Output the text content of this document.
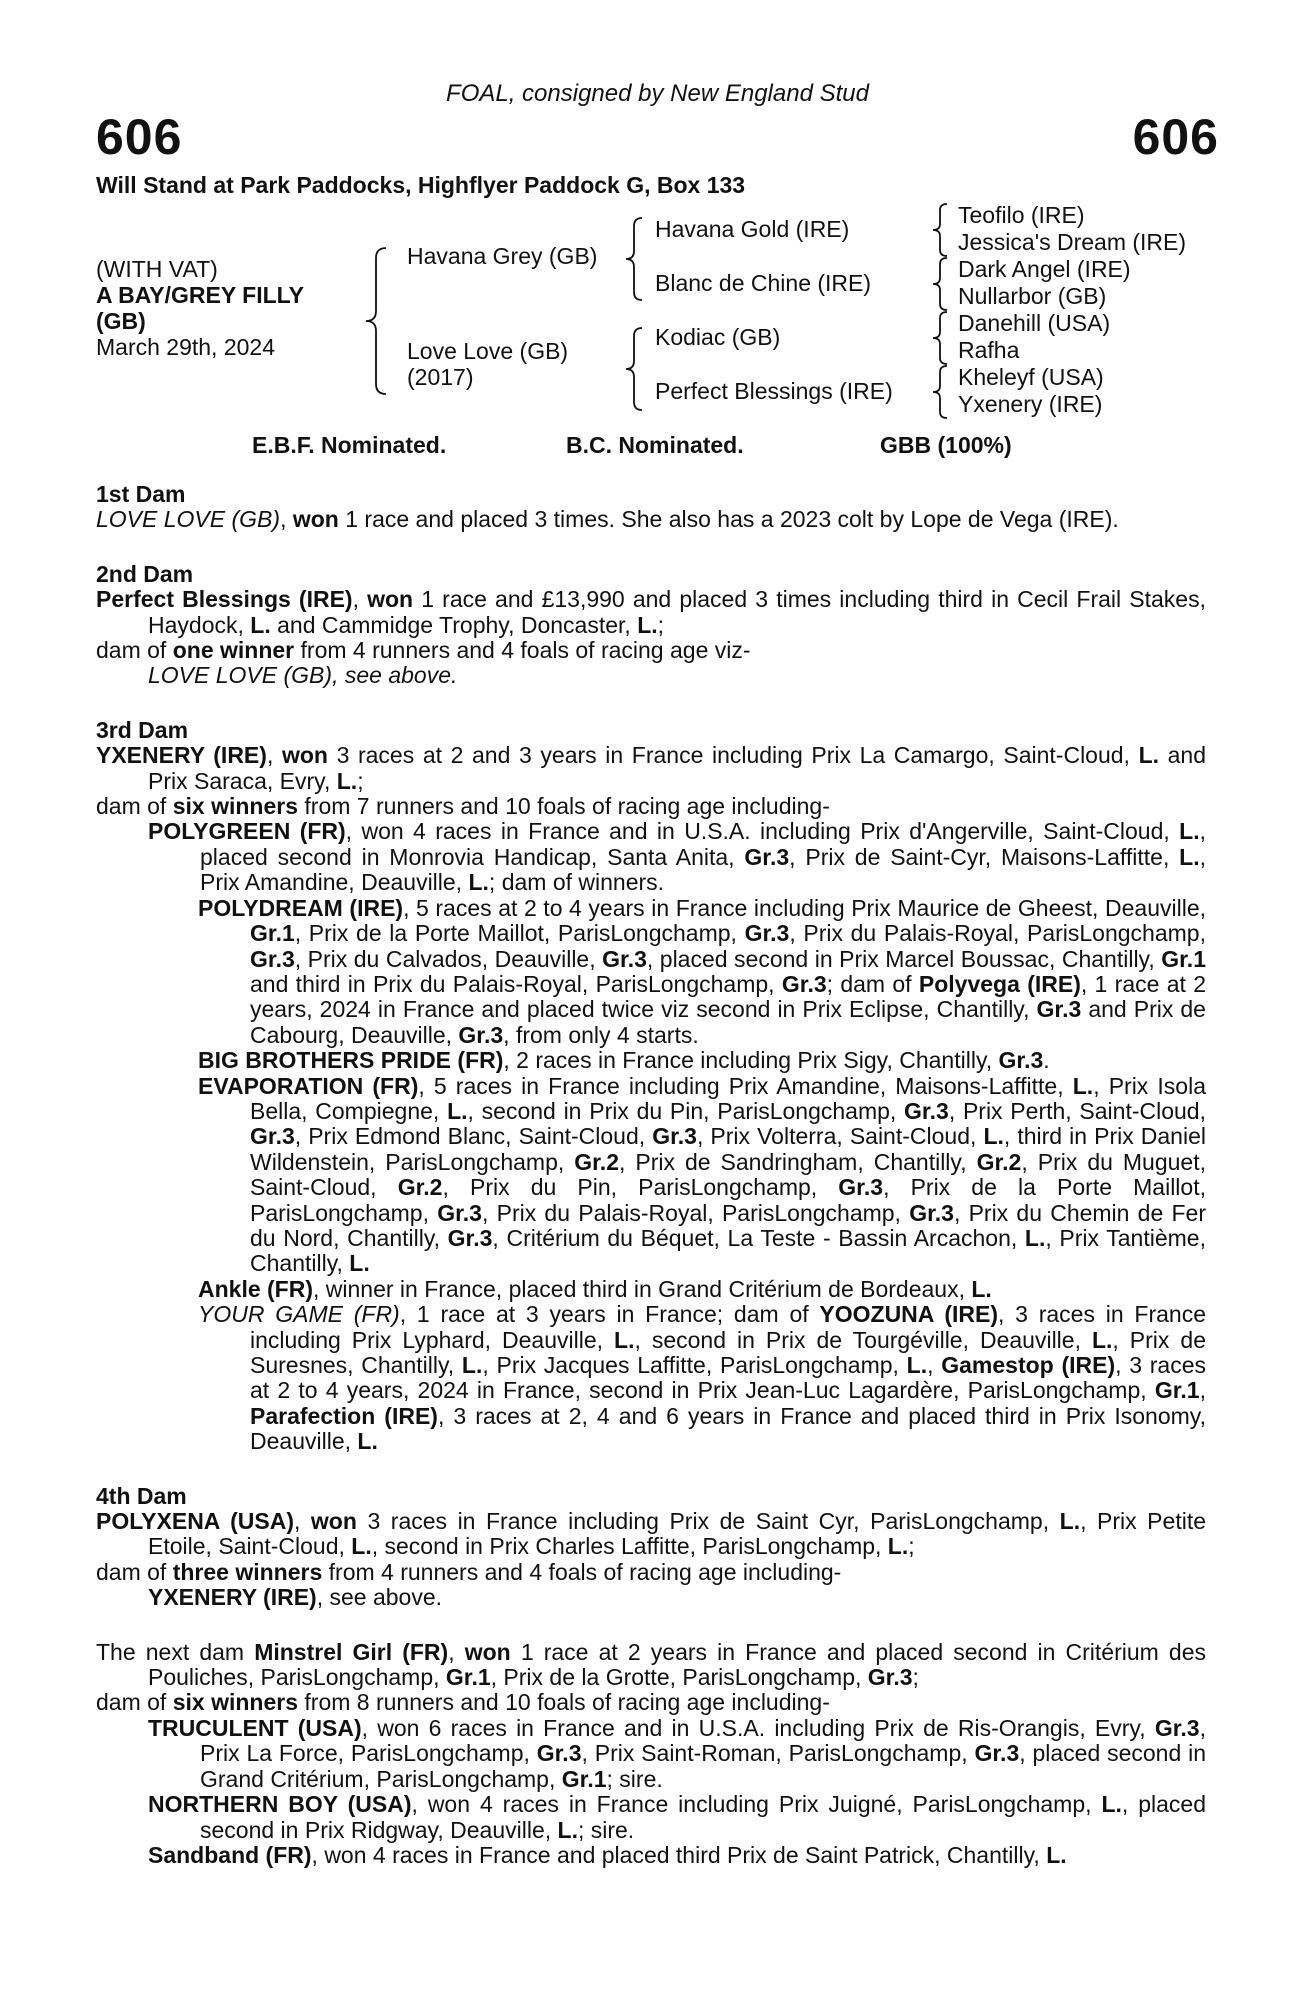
FOAL, consigned by New England Stud
606	606
Will Stand at Park Paddocks, Highflyer Paddock G, Box 133
(WITH VAT)
A BAY/GREY FILLY
(GB)
March 29th, 2024
Havana Grey (GB)
Love Love (GB)
(2017)
Havana Gold (IRE)
Blanc de Chine (IRE)
Kodiac (GB)
Perfect Blessings (IRE)
Teofilo (IRE)
Jessica's Dream (IRE)
Dark Angel (IRE)
Nullarbor (GB)
Danehill (USA)
Rafha
Kheleyf (USA)
Yxenery (IRE)
E.B.F. Nominated.	B.C. Nominated.	GBB (100%)

1st Dam

LOVE LOVE (GB), won 1 race and placed 3 times. She also has a 2023 colt by Lope de Vega (IRE).

2nd Dam

Perfect Blessings (IRE), won 1 race and £13,990 and placed 3 times including third in Cecil Frail Stakes, Haydock, L. and Cammidge Trophy, Doncaster, L.;

dam of one winner from 4 runners and 4 foals of racing age viz-

LOVE LOVE (GB), see above.

3rd Dam

YXENERY (IRE), won 3 races at 2 and 3 years in France including Prix La Camargo, Saint-Cloud, L. and Prix Saraca, Evry, L.;

dam of six winners from 7 runners and 10 foals of racing age including-

POLYGREEN (FR), won 4 races in France and in U.S.A. including Prix d'Angerville, Saint-Cloud, L., placed second in Monrovia Handicap, Santa Anita, Gr.3, Prix de Saint-Cyr, Maisons-Laffitte, L., Prix Amandine, Deauville, L.; dam of winners.

POLYDREAM (IRE), 5 races at 2 to 4 years in France including Prix Maurice de Gheest, Deauville, Gr.1, Prix de la Porte Maillot, ParisLongchamp, Gr.3, Prix du Palais-Royal, ParisLongchamp, Gr.3, Prix du Calvados, Deauville, Gr.3, placed second in Prix Marcel Boussac, Chantilly, Gr.1 and third in Prix du Palais-Royal, ParisLongchamp, Gr.3; dam of Polyvega (IRE), 1 race at 2 years, 2024 in France and placed twice viz second in Prix Eclipse, Chantilly, Gr.3 and Prix de Cabourg, Deauville, Gr.3, from only 4 starts.

BIG BROTHERS PRIDE (FR), 2 races in France including Prix Sigy, Chantilly, Gr.3.

EVAPORATION (FR), 5 races in France including Prix Amandine, Maisons-Laffitte, L., Prix Isola Bella, Compiegne, L., second in Prix du Pin, ParisLongchamp, Gr.3, Prix Perth, Saint-Cloud, Gr.3, Prix Edmond Blanc, Saint-Cloud, Gr.3, Prix Volterra, Saint-Cloud, L., third in Prix Daniel Wildenstein, ParisLongchamp, Gr.2, Prix de Sandringham, Chantilly, Gr.2, Prix du Muguet, Saint-Cloud, Gr.2, Prix du Pin, ParisLongchamp, Gr.3, Prix de la Porte Maillot, ParisLongchamp, Gr.3, Prix du Palais-Royal, ParisLongchamp, Gr.3, Prix du Chemin de Fer du Nord, Chantilly, Gr.3, Critérium du Béquet, La Teste - Bassin Arcachon, L., Prix Tantième, Chantilly, L.

Ankle (FR), winner in France, placed third in Grand Critérium de Bordeaux, L.

YOUR GAME (FR), 1 race at 3 years in France; dam of YOOZUNA (IRE), 3 races in France including Prix Lyphard, Deauville, L., second in Prix de Tourgéville, Deauville, L., Prix de Suresnes, Chantilly, L., Prix Jacques Laffitte, ParisLongchamp, L., Gamestop (IRE), 3 races at 2 to 4 years, 2024 in France, second in Prix Jean-Luc Lagardère, ParisLongchamp, Gr.1, Parafection (IRE), 3 races at 2, 4 and 6 years in France and placed third in Prix Isonomy, Deauville, L.

4th Dam

POLYXENA (USA), won 3 races in France including Prix de Saint Cyr, ParisLongchamp, L., Prix Petite Etoile, Saint-Cloud, L., second in Prix Charles Laffitte, ParisLongchamp, L.;

dam of three winners from 4 runners and 4 foals of racing age including-

YXENERY (IRE), see above.

The next dam Minstrel Girl (FR), won 1 race at 2 years in France and placed second in Critérium des Pouliches, ParisLongchamp, Gr.1, Prix de la Grotte, ParisLongchamp, Gr.3;

dam of six winners from 8 runners and 10 foals of racing age including-

TRUCULENT (USA), won 6 races in France and in U.S.A. including Prix de Ris-Orangis, Evry, Gr.3, Prix La Force, ParisLongchamp, Gr.3, Prix Saint-Roman, ParisLongchamp, Gr.3, placed second in Grand Critérium, ParisLongchamp, Gr.1; sire.

NORTHERN BOY (USA), won 4 races in France including Prix Juigné, ParisLongchamp, L., placed second in Prix Ridgway, Deauville, L.; sire.

Sandband (FR), won 4 races in France and placed third Prix de Saint Patrick, Chantilly, L.
